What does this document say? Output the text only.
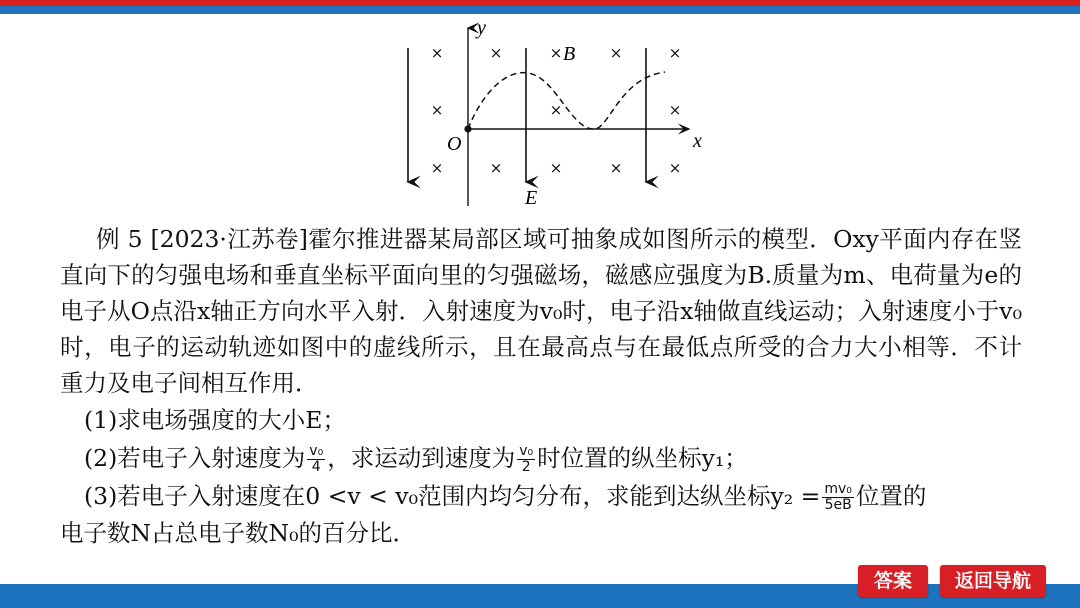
×	×	×	×	×
×	×	×
×	×	×	×	×
y
x
O
B
E

例 5 [2023·江苏卷]霍尔推进器某局部区域可抽象成如图所示的模型．Oxy平面内存在竖直向下的匀强电场和垂直坐标平面向里的匀强磁场，磁感应强度为B.质量为m、电荷量为e的电子从O点沿x轴正方向水平入射．入射速度为v₀时，电子沿x轴做直线运动；入射速度小于v₀时，电子的运动轨迹如图中的虚线所示，且在最高点与在最低点所受的合力大小相等．不计重力及电子间相互作用．

(1)求电场强度的大小E；

(2)若电子入射速度为 $\frac{\text{v₀}}{4}$ ，求运动到速度为 $\frac{\text{v₀}}{2}$ 时位置的纵坐标y₁；

(3)若电子入射速度在0 <v < v₀范围内均匀分布，求能到达纵坐标$y_2 = \frac{\text{mv₀}}{5eB}$ 位置的

电子数N占总电子数N₀的百分比．

答案	返回导航
